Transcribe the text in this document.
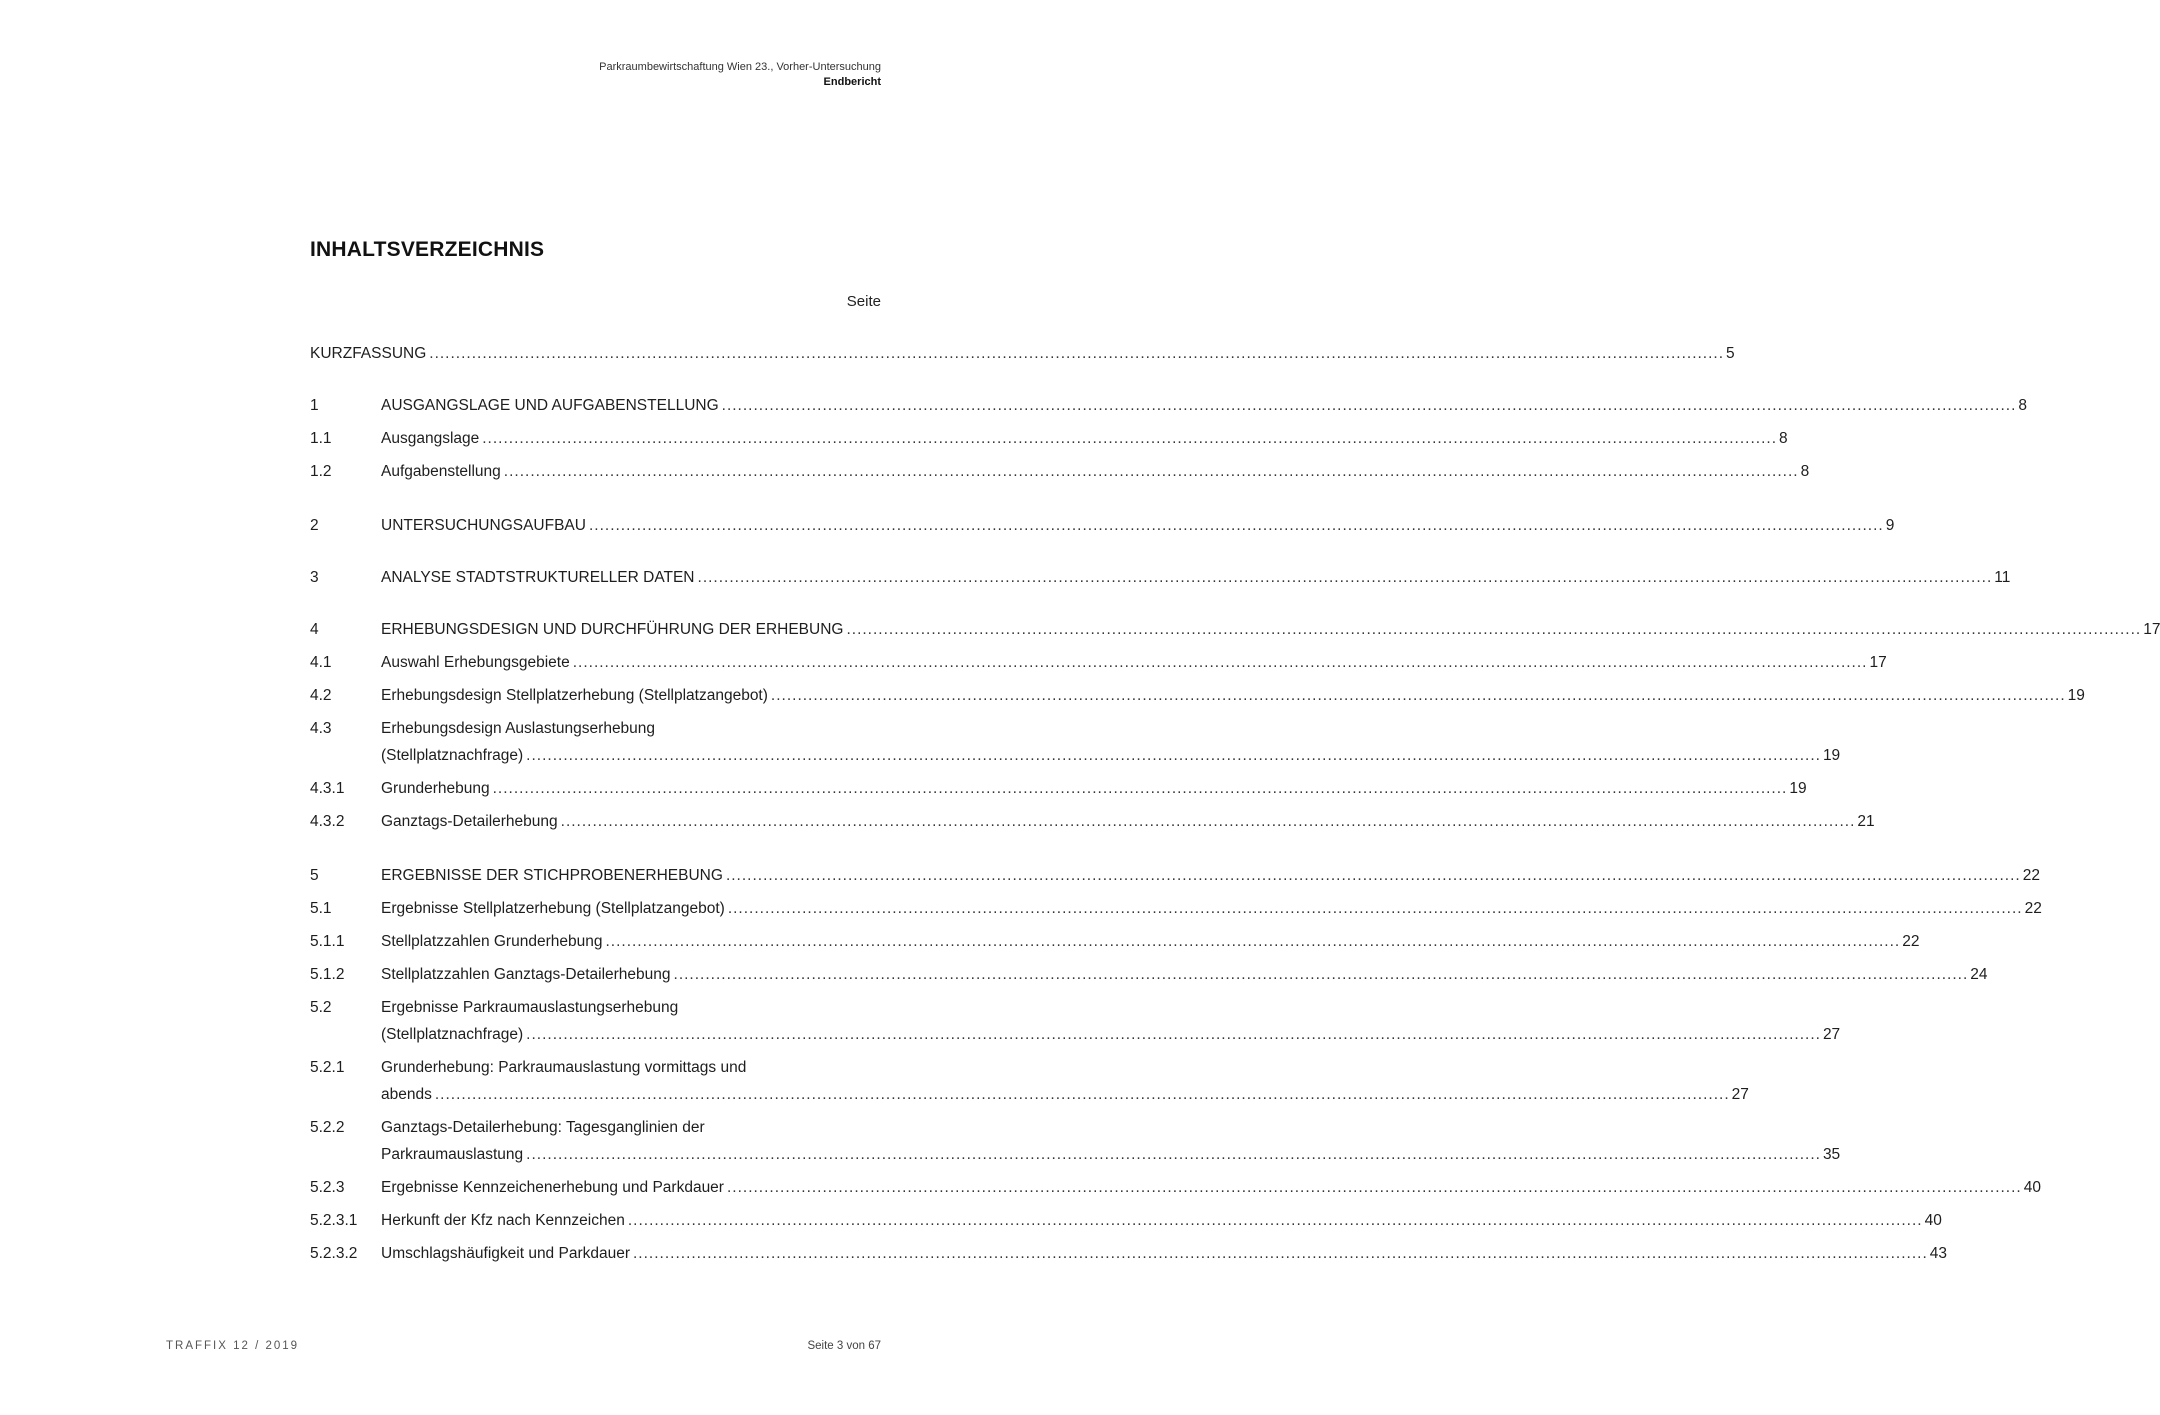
Parkraumbewirtschaftung Wien 23., Vorher-Untersuchung
Endbericht
INHALTSVERZEICHNIS
Seite
KURZFASSUNG .....	5
1	AUSGANGSLAGE UND AUFGABENSTELLUNG .....	8
1.1	Ausgangslage .....	8
1.2	Aufgabenstellung .....	8
2	UNTERSUCHUNGSAUFBAU .....	9
3	ANALYSE STADTSTRUKTURELLER DATEN .....	11
4	ERHEBUNGSDESIGN UND DURCHFÜHRUNG DER ERHEBUNG .....	17
4.1	Auswahl Erhebungsgebiete .....	17
4.2	Erhebungsdesign Stellplatzerhebung (Stellplatzangebot) .....	19
4.3	Erhebungsdesign Auslastungserhebung
(Stellplatznachfrage) .....	19
4.3.1	Grunderhebung .....	19
4.3.2	Ganztags-Detailerhebung .....	21
5	ERGEBNISSE DER STICHPROBENERHEBUNG .....	22
5.1	Ergebnisse Stellplatzerhebung (Stellplatzangebot) .....	22
5.1.1	Stellplatzzahlen Grunderhebung .....	22
5.1.2	Stellplatzzahlen Ganztags-Detailerhebung .....	24
5.2	Ergebnisse Parkraumauslastungserhebung
(Stellplatznachfrage) .....	27
5.2.1	Grunderhebung: Parkraumauslastung vormittags und
abends .....	27
5.2.2	Ganztags-Detailerhebung: Tagesganglinien der
Parkraumauslastung .....	35
5.2.3	Ergebnisse Kennzeichenerhebung und Parkdauer .....	40
5.2.3.1	Herkunft der Kfz nach Kennzeichen .....	40
5.2.3.2	Umschlagshäufigkeit und Parkdauer .....	43
TRAFFIX 12 / 2019	Seite 3 von 67
